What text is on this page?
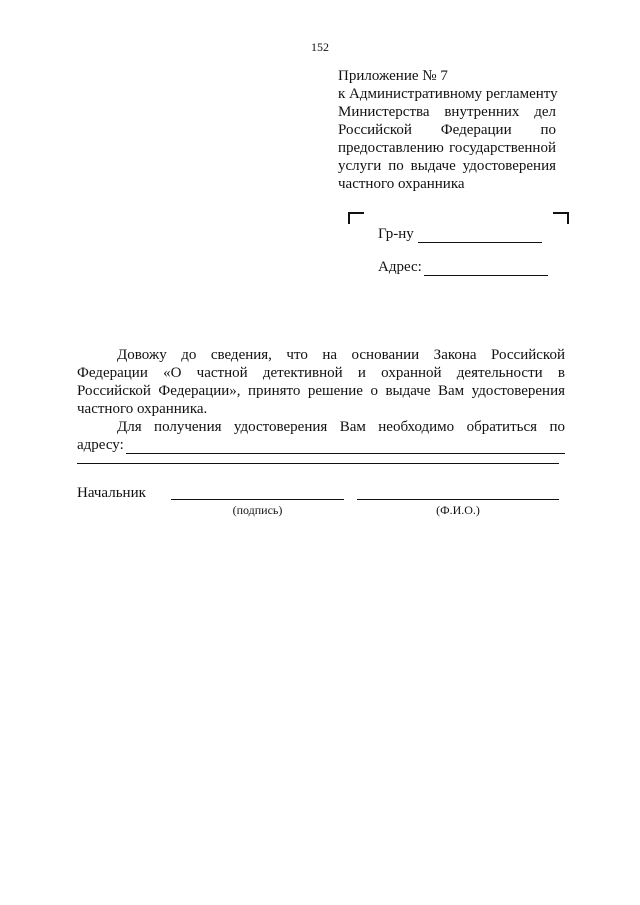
152
Приложение № 7
к Административному регламенту
Министерства внутренних дел
Российской Федерации по
предоставлению государственной
услуги по выдаче удостоверения
частного охранника
Гр-ну
Адрес:
Довожу до сведения, что на основании Закона Российской
Федерации «О частной детективной и охранной деятельности в
Российской Федерации», принято решение о выдаче Вам удостоверения
частного охранника.
Для получения удостоверения Вам необходимо обратиться по
адресу:
Начальник
(подпись)	(Ф.И.О.)
